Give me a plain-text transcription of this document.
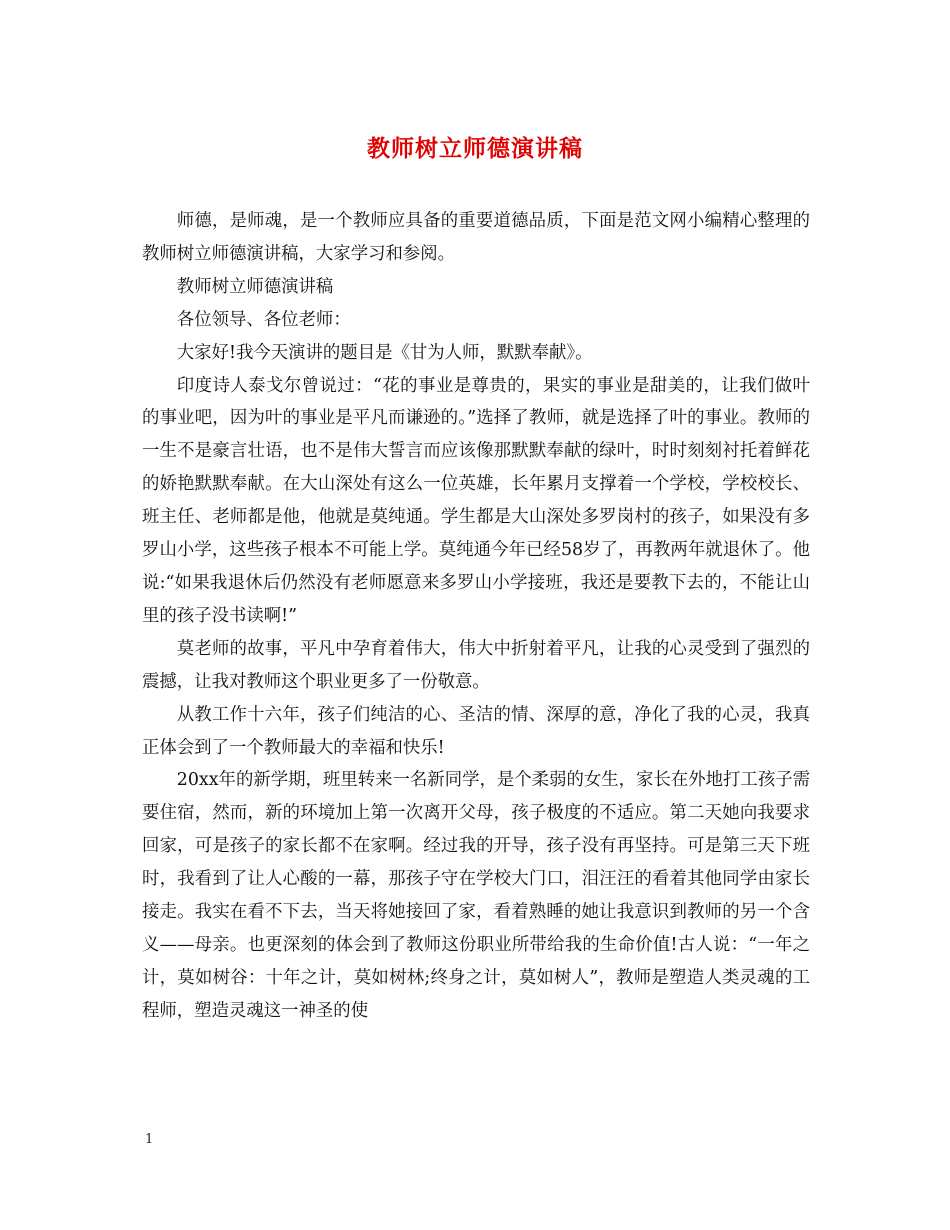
教师树立师德演讲稿

师德，是师魂，是一个教师应具备的重要道德品质，下面是范文网小编精心整理的教师树立师德演讲稿，大家学习和参阅。

教师树立师德演讲稿

各位领导、各位老师：

大家好!我今天演讲的题目是《甘为人师，默默奉献》。

印度诗人泰戈尔曾说过：“花的事业是尊贵的，果实的事业是甜美的，让我们做叶的事业吧，因为叶的事业是平凡而谦逊的。”选择了教师，就是选择了叶的事业。教师的一生不是豪言壮语，也不是伟大誓言而应该像那默默奉献的绿叶，时时刻刻衬托着鲜花的娇艳默默奉献。在大山深处有这么一位英雄，长年累月支撑着一个学校，学校校长、班主任、老师都是他，他就是莫纯通。学生都是大山深处多罗岗村的孩子，如果没有多罗山小学，这些孩子根本不可能上学。莫纯通今年已经58岁了，再教两年就退休了。他说:“如果我退休后仍然没有老师愿意来多罗山小学接班，我还是要教下去的，不能让山里的孩子没书读啊!”

莫老师的故事，平凡中孕育着伟大，伟大中折射着平凡，让我的心灵受到了强烈的震撼，让我对教师这个职业更多了一份敬意。

从教工作十六年，孩子们纯洁的心、圣洁的情、深厚的意，净化了我的心灵，我真正体会到了一个教师最大的幸福和快乐!

20xx年的新学期，班里转来一名新同学，是个柔弱的女生，家长在外地打工孩子需要住宿，然而，新的环境加上第一次离开父母，孩子极度的不适应。第二天她向我要求回家，可是孩子的家长都不在家啊。经过我的开导，孩子没有再坚持。可是第三天下班时，我看到了让人心酸的一幕，那孩子守在学校大门口，泪汪汪的看着其他同学由家长接走。我实在看不下去，当天将她接回了家，看着熟睡的她让我意识到教师的另一个含义——母亲。也更深刻的体会到了教师这份职业所带给我的生命价值!古人说：“一年之计，莫如树谷：十年之计，莫如树林;终身之计，莫如树人”，教师是塑造人类灵魂的工程师，塑造灵魂这一神圣的使

1
